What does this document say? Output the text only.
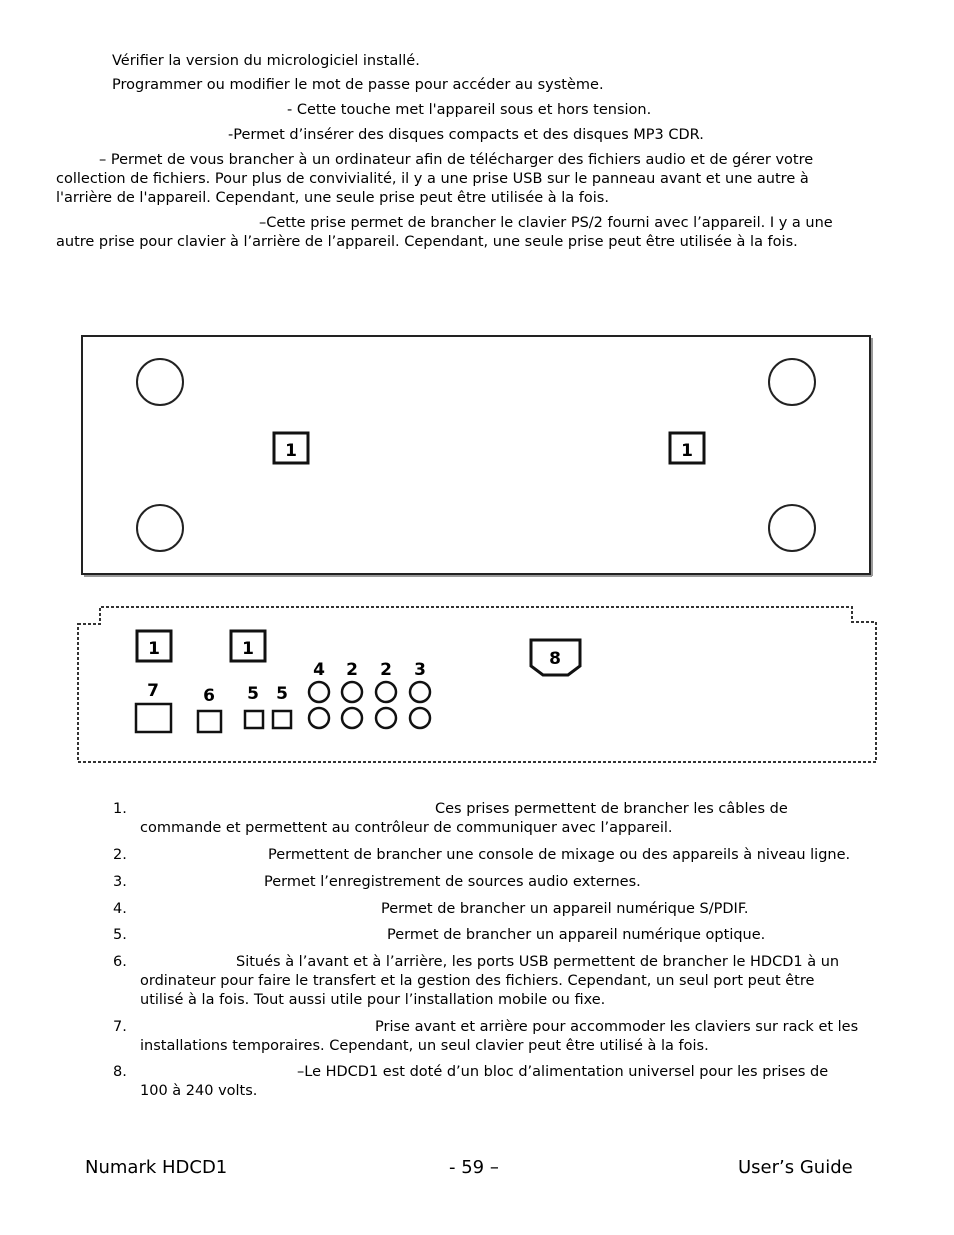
Vérifier la version du micrologiciel installé.
Programmer ou modifier le mot de passe pour accéder au système.
- Cette touche met l'appareil sous et hors tension.
-Permet d’insérer des disques compacts et des disques MP3 CDR.
– Permet de vous brancher à un ordinateur afin de télécharger des fichiers audio et de gérer votre
collection de fichiers. Pour plus de convivialité, il y a une prise USB sur le panneau avant et une autre à
l'arrière de l'appareil. Cependant, une seule prise peut être utilisée à la fois.
–Cette prise permet de brancher le clavier PS/2 fourni avec l’appareil. I y a une
autre prise pour clavier à l’arrière de l’appareil. Cependant, une seule prise peut être utilisée à la fois.
1	1
1	1
7	6 5 5
4 2 2 3
8
1.	Ces prises permettent de brancher les câbles de
commande et permettent au contrôleur de communiquer avec l’appareil.
2.	Permettent de brancher une console de mixage ou des appareils à niveau ligne.
3.	Permet l’enregistrement de sources audio externes.
4.	Permet de brancher un appareil numérique S/PDIF.
5.	Permet de brancher un appareil numérique optique.
6.	Situés à l’avant et à l’arrière, les ports USB permettent de brancher le HDCD1 à un
ordinateur pour faire le transfert et la gestion des fichiers. Cependant, un seul port peut être
utilisé à la fois. Tout aussi utile pour l’installation mobile ou fixe.
7.	Prise avant et arrière pour accommoder les claviers sur rack et les
installations temporaires. Cependant, un seul clavier peut être utilisé à la fois.
8.	–Le HDCD1 est doté d’un bloc d’alimentation universel pour les prises de
100 à 240 volts.
Numark HDCD1	- 59 –	User’s Guide
